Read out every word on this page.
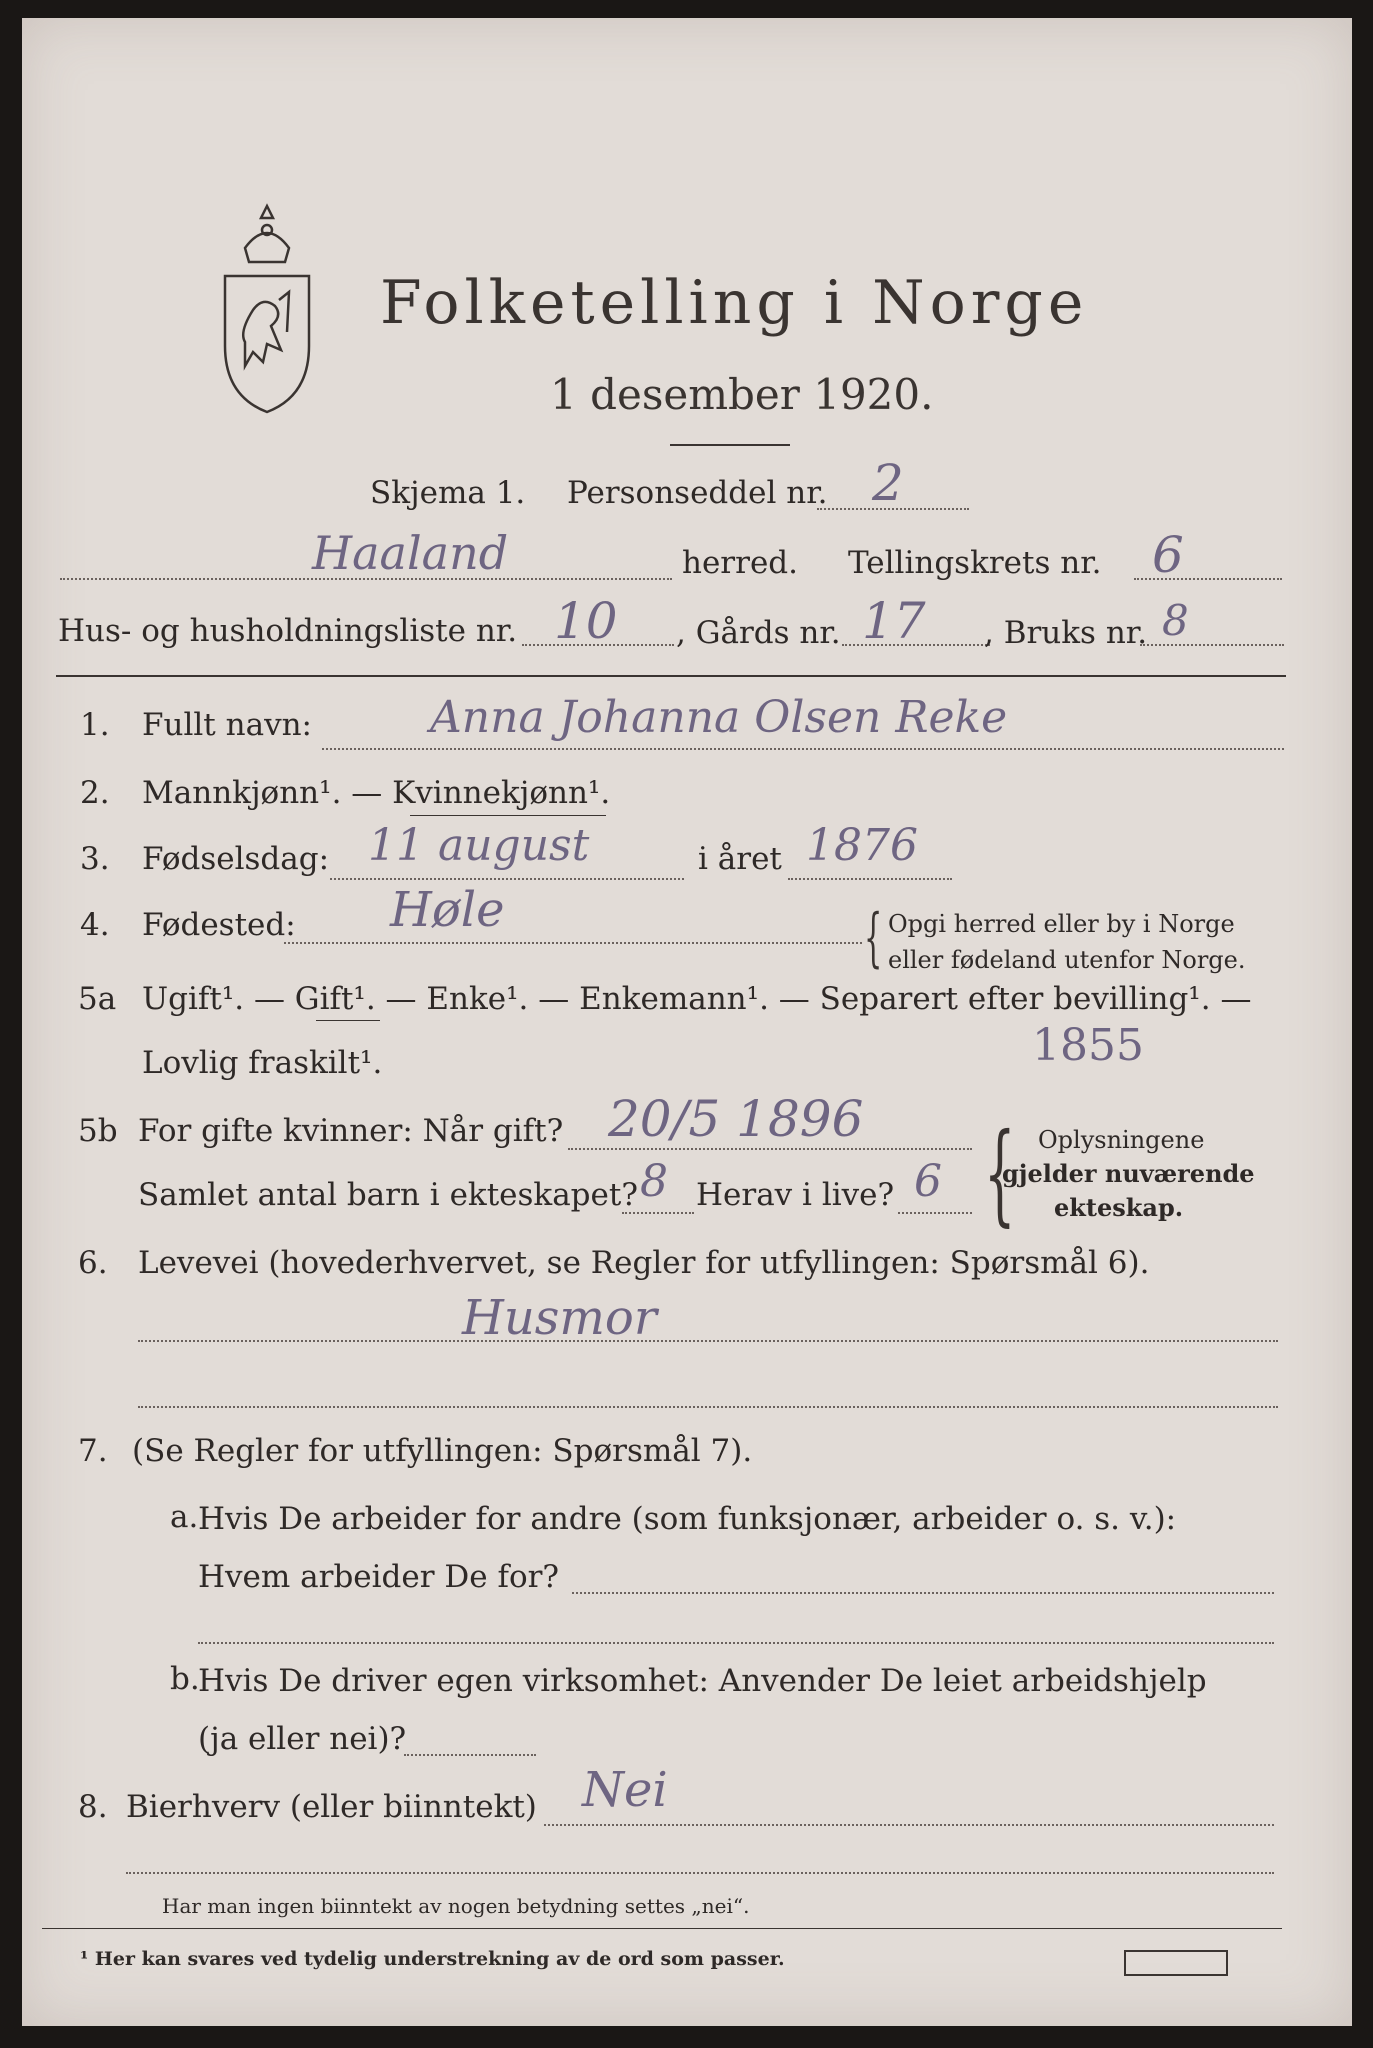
Folketelling i Norge
1 desember 1920.
Skjema 1. Personseddel nr. 2
Haaland	herred. Tellingskrets nr. 6
Hus- og husholdningsliste nr. 10 , Gårds nr. 17 , Bruks nr. 8
1. Fullt navn:	Anna Johanna Olsen Reke
2. Mannkjønn¹. — Kvinnekjønn¹.
3. Fødselsdag: 11 august	i året 1876
4. Fødested: Høle	{ Opgi herred eller by i Norge
eller fødeland utenfor Norge.
5a Ugift¹. — Gift¹. — Enke¹. — Enkemann¹. — Separert efter bevilling¹. —
Lovlig fraskilt¹.	1855
5b For gifte kvinner: Når gift? 20/5 1896
Samlet antal barn i ekteskapet? 8 Herav i live? 6 { Oplysningene
gjelder nuværende
ekteskap.
6. Levevei (hovederhvervet, se Regler for utfyllingen: Spørsmål 6).
Husmor
7. (Se Regler for utfyllingen: Spørsmål 7).
a. Hvis De arbeider for andre (som funksjonær, arbeider o. s. v.):
Hvem arbeider De for?
b.
Hvis De driver egen virksomhet: Anvender De leiet arbeidshjelp
(ja eller nei)?
8. Bierhverv (eller biinntekt) Nei
Har man ingen biinntekt av nogen betydning settes „nei“.
¹ Her kan svares ved tydelig understrekning av de ord som passer.
